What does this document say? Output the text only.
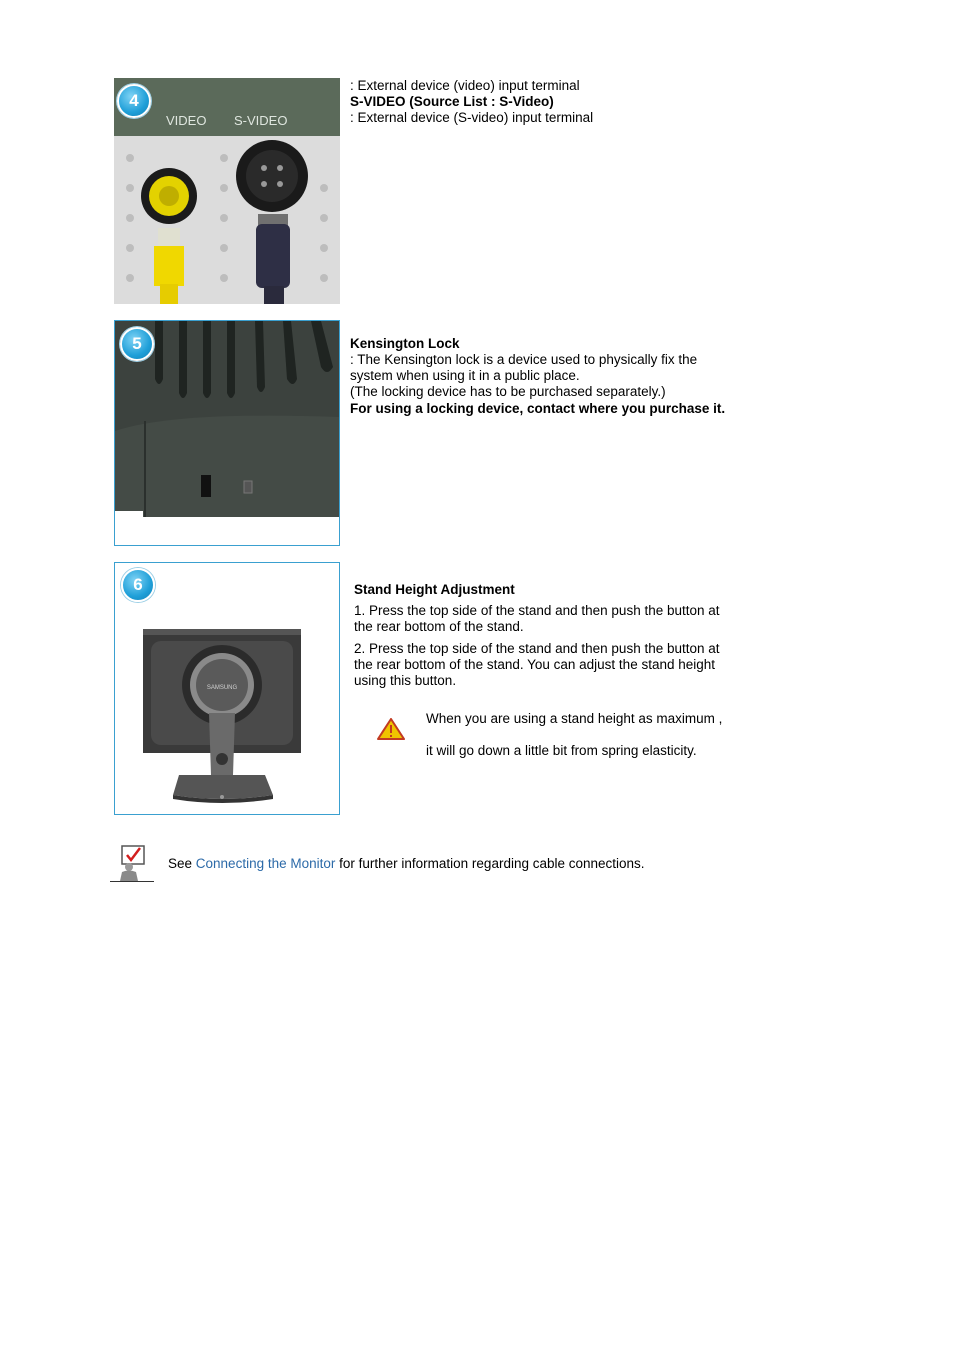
VIDEO S-VIDEO
4
: External device (video) input terminal
S-VIDEO (Source List : S-Video)
: External device (S-video) input terminal
5	Kensington Lock
: The Kensington lock is a device used to physically fix the
system when using it in a public place.
(The locking device has to be purchased separately.)
For using a locking device, contact where you purchase it.
SAMSUNG
6	Stand Height Adjustment
1. Press the top side of the stand and then push the button at
the rear bottom of the stand.
2. Press the top side of the stand and then push the button at
the rear bottom of the stand. You can adjust the stand height
using this button.
When you are using a stand height as maximum ,
it will go down a little bit from spring elasticity.
See Connecting the Monitor for further information regarding cable connections.
